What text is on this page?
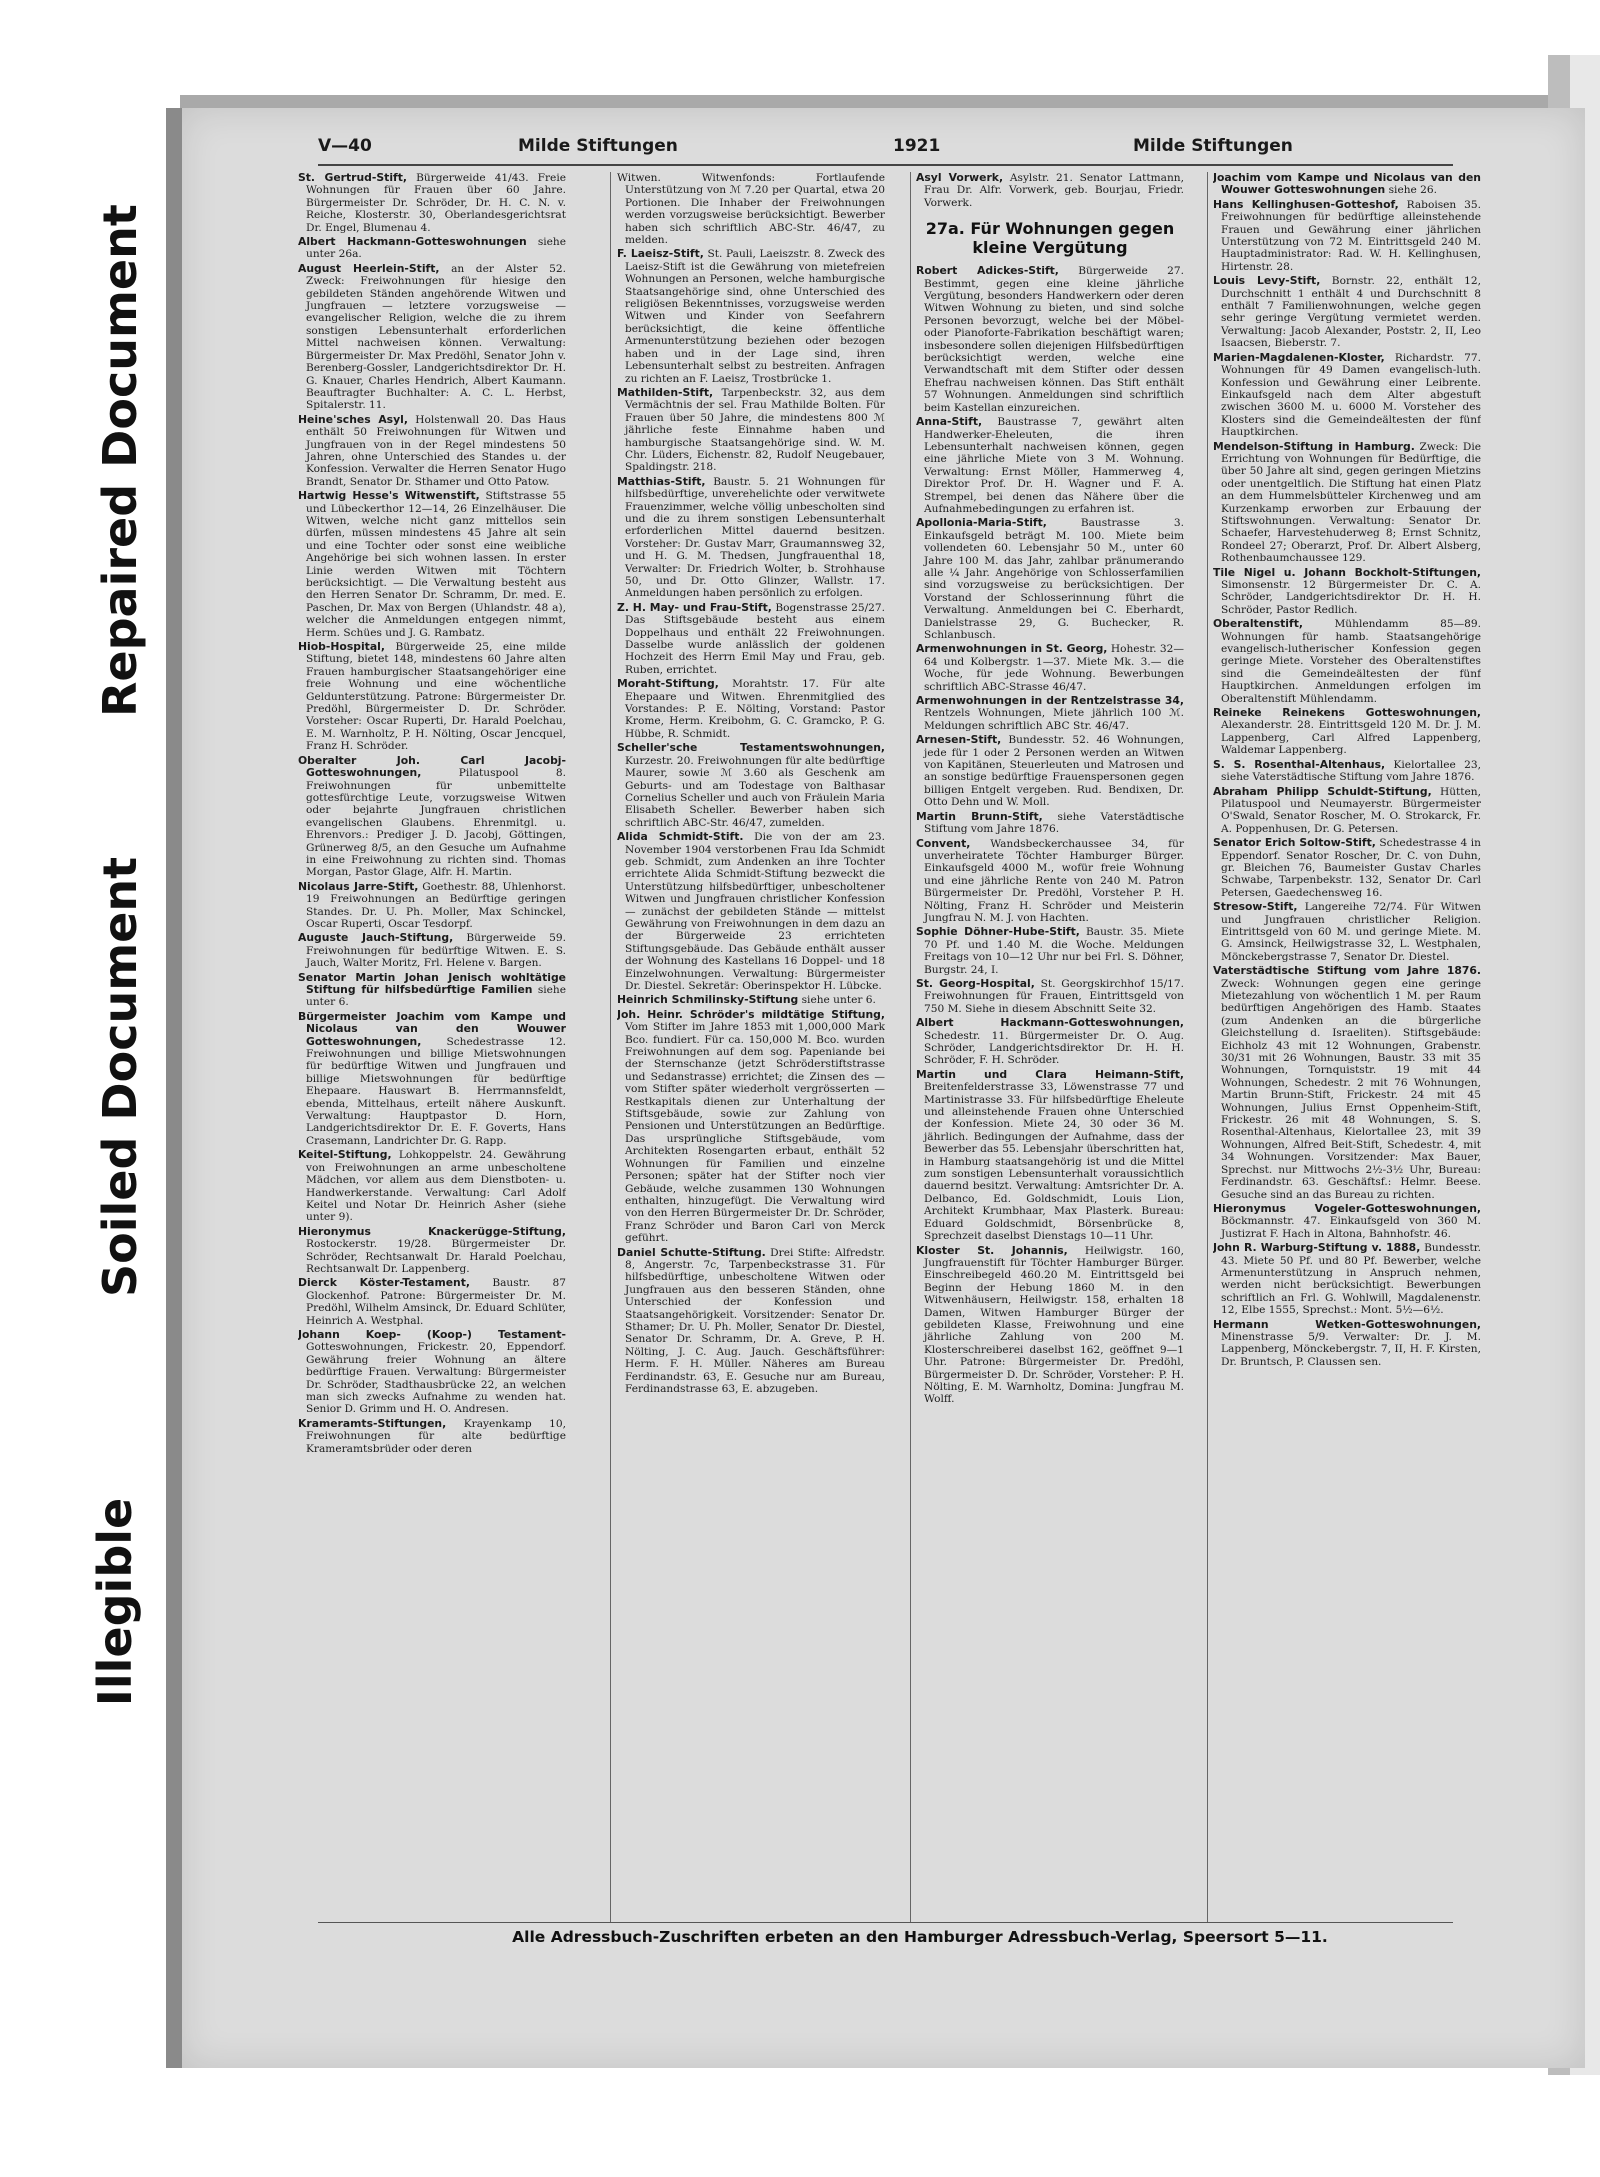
Repaired Document
Soiled Document
Illegible
V—40	Milde Stiftungen	1921	Milde Stiftungen
St. Gertrud-Stift, Bürgerweide 41/43. Freie Wohnungen für Frauen über 60 Jahre. Bürgermeister Dr. Schröder, Dr. H. C. N. v. Reiche, Klosterstr. 30, Oberlandesgerichtsrat Dr. Engel, Blumenau 4.
Albert Hackmann-Gotteswohnungen siehe unter 26a.
August Heerlein-Stift, an der Alster 52. Zweck: Freiwohnungen für hiesige den gebildeten Ständen angehörende Witwen und Jungfrauen — letztere vorzugsweise — evangelischer Religion, welche die zu ihrem sonstigen Lebensunterhalt erforderlichen Mittel nachweisen können. Verwaltung: Bürgermeister Dr. Max Predöhl, Senator John v. Berenberg-Gossler, Landgerichtsdirektor Dr. H. G. Knauer, Charles Hendrich, Albert Kaumann. Beauftragter Buchhalter: A. C. L. Herbst, Spitalerstr. 11.
Heine'sches Asyl, Holstenwall 20. Das Haus enthält 50 Freiwohnungen für Witwen und Jungfrauen von in der Regel mindestens 50 Jahren, ohne Unterschied des Standes u. der Konfession. Verwalter die Herren Senator Hugo Brandt, Senator Dr. Sthamer und Otto Patow.
Hartwig Hesse's Witwenstift, Stiftstrasse 55 und Lübeckerthor 12—14, 26 Einzelhäuser. Die Witwen, welche nicht ganz mittellos sein dürfen, müssen mindestens 45 Jahre alt sein und eine Tochter oder sonst eine weibliche Angehörige bei sich wohnen lassen. In erster Linie werden Witwen mit Töchtern berücksichtigt. — Die Verwaltung besteht aus den Herren Senator Dr. Schramm, Dr. med. E. Paschen, Dr. Max von Bergen (Uhlandstr. 48 a), welcher die Anmeldungen entgegen nimmt, Herm. Schües und J. G. Rambatz.
Hiob-Hospital, Bürgerweide 25, eine milde Stiftung, bietet 148, mindestens 60 Jahre alten Frauen hamburgischer Staatsangehöriger eine freie Wohnung und eine wöchentliche Geldunterstützung. Patrone: Bürgermeister Dr. Predöhl, Bürgermeister D. Dr. Schröder. Vorsteher: Oscar Ruperti, Dr. Harald Poelchau, E. M. Warnholtz, P. H. Nölting, Oscar Jencquel, Franz H. Schröder.
Oberalter Joh. Carl Jacobj-Gotteswohnungen,	Pilatuspool 8. Freiwohnungen für unbemittelte gottesfürchtige Leute, vorzugsweise Witwen oder bejahrte Jungfrauen christlichen evangelischen Glaubens. Ehrenmitgl. u. Ehrenvors.: Prediger J. D. Jacobj, Göttingen, Grünerweg 8/5, an den Gesuche um Aufnahme in eine Freiwohnung zu richten sind. Thomas Morgan, Pastor Glage, Alfr. H. Martin.
Nicolaus Jarre-Stift, Goethestr. 88, Uhlenhorst. 19 Freiwohnungen an Bedürftige geringen Standes. Dr. U. Ph. Moller, Max Schinckel, Oscar Ruperti, Oscar Tesdorpf.
Auguste Jauch-Stiftung, Bürgerweide 59. Freiwohnungen für bedürftige Witwen. E. S. Jauch, Walter Moritz, Frl. Helene v. Bargen.
Senator Martin Johan Jenisch wohltätige Stiftung für hilfsbedürftige Familien siehe unter 6.
Bürgermeister Joachim vom Kampe und Nicolaus van den Wouwer Gotteswohnungen, Schedestrasse 12. Freiwohnungen und billige Mietswohnungen für bedürftige Witwen und Jungfrauen und billige Mietswohnungen für bedürftige Ehepaare. Hauswart B. Herrmannsfeldt, ebenda, Mittelhaus, erteilt nähere Auskunft. Verwaltung: Hauptpastor D. Horn, Landgerichtsdirektor Dr. E. F. Goverts, Hans Crasemann, Landrichter Dr. G. Rapp.
Keitel-Stiftung, Lohkoppelstr. 24. Gewährung von Freiwohnungen an arme unbescholtene Mädchen, vor allem aus dem Dienstboten- u. Handwerkerstande. Verwaltung: Carl Adolf Keitel und Notar Dr. Heinrich Asher (siehe unter 9).
Hieronymus Knackerügge-Stiftung, Rostockerstr. 19/28. Bürgermeister Dr. Schröder, Rechtsanwalt Dr. Harald Poelchau, Rechtsanwalt Dr. Lappenberg.
Dierck Köster-Testament, Baustr. 87 Glockenhof. Patrone: Bürgermeister Dr. M. Predöhl, Wilhelm Amsinck, Dr. Eduard Schlüter, Heinrich A. Westphal.
Johann Koep- (Koop-) Testament- Gotteswohnungen, Frickestr. 20, Eppendorf. Gewährung freier Wohnung an ältere bedürftige Frauen. Verwaltung: Bürgermeister Dr. Schröder, Stadthausbrücke 22, an welchen man sich zwecks Aufnahme zu wenden hat. Senior D. Grimm und H. O. Andresen.
Krameramts-Stiftungen, Krayenkamp 10, Freiwohnungen für alte bedürftige Krameramtsbrüder oder deren
Witwen. Witwenfonds: Fortlaufende Unterstützung von ℳ 7.20 per Quartal, etwa 20 Portionen. Die Inhaber der Freiwohnungen werden vorzugsweise berücksichtigt. Bewerber haben sich schriftlich ABC-Str. 46/47, zu melden.
F. Laeisz-Stift, St. Pauli, Laeiszstr. 8. Zweck des Laeisz-Stift ist die Gewährung von mietefreien Wohnungen an Personen, welche hamburgische Staatsangehörige sind, ohne Unterschied des religiösen Bekenntnisses, vorzugsweise werden Witwen und Kinder von Seefahrern berücksichtigt, die keine öffentliche Armenunterstützung beziehen oder bezogen haben und in der Lage sind, ihren Lebensunterhalt selbst zu bestreiten. Anfragen zu richten an F. Laeisz, Trostbrücke 1.
Mathilden-Stift, Tarpenbeckstr. 32, aus dem Vermächtnis der sel. Frau Mathilde Bolten. Für Frauen über 50 Jahre, die mindestens 800 ℳ jährliche feste Einnahme haben und hamburgische Staatsangehörige sind. W. M. Chr. Lüders, Eichenstr. 82, Rudolf Neugebauer, Spaldingstr. 218.
Matthias-Stift, Baustr. 5. 21 Wohnungen für hilfsbedürftige, unverehelichte oder verwitwete Frauenzimmer, welche völlig unbescholten sind und die zu ihrem sonstigen Lebensunterhalt erforderlichen Mittel dauernd besitzen. Vorsteher: Dr. Gustav Marr, Graumannsweg 32, und H. G. M. Thedsen, Jungfrauenthal 18, Verwalter: Dr. Friedrich Wolter, b. Strohhause 50, und Dr. Otto Glinzer, Wallstr. 17. Anmeldungen haben persönlich zu erfolgen.
Z. H. May- und Frau-Stift, Bogenstrasse 25/27. Das Stiftsgebäude besteht aus einem Doppelhaus und enthält 22 Freiwohnungen. Dasselbe wurde anlässlich der goldenen Hochzeit des Herrn Emil May und Frau, geb. Ruben, errichtet.
Moraht-Stiftung, Morahtstr. 17. Für alte Ehepaare und Witwen. Ehrenmitglied des Vorstandes: P. E. Nölting, Vorstand: Pastor Krome, Herm. Kreibohm, G. C. Gramcko, P. G. Hübbe, R. Schmidt.
Scheller'sche Testamentswohnungen, Kurzestr. 20. Freiwohnungen für alte bedürftige Maurer, sowie ℳ 3.60 als Geschenk am Geburts- und am Todestage von Balthasar Cornelius Scheller und auch von Fräulein Maria Elisabeth Scheller. Bewerber haben sich schriftlich ABC-Str. 46/47, zumelden.
Alida Schmidt-Stift. Die von der am 23. November 1904 verstorbenen Frau Ida Schmidt geb. Schmidt, zum Andenken an ihre Tochter errichtete Alida Schmidt-Stiftung bezweckt die Unterstützung hilfsbedürftiger, unbescholtener Witwen und Jungfrauen christlicher Konfession — zunächst der gebildeten Stände — mittelst Gewährung von Freiwohnungen in dem dazu an der Bürgerweide 23 errichteten Stiftungsgebäude. Das Gebäude enthält ausser der Wohnung des Kastellans 16 Doppel- und 18 Einzelwohnungen. Verwaltung: Bürgermeister Dr. Diestel. Sekretär: Oberinspektor H. Lübcke.
Heinrich Schmilinsky-Stiftung siehe unter 6.
Joh. Heinr. Schröder's mildtätige Stiftung, Vom Stifter im Jahre 1853 mit 1,000,000 Mark Bco. fundiert. Für ca. 150,000 M. Bco. wurden Freiwohnungen auf dem sog. Papeniande bei der Sternschanze (jetzt Schröderstiftstrasse und Sedanstrasse) errichtet; die Zinsen des — vom Stifter später wiederholt vergrösserten — Restkapitals dienen zur Unterhaltung der Stiftsgebäude, sowie zur Zahlung von Pensionen und Unterstützungen an Bedürftige. Das ursprüngliche Stiftsgebäude, vom Architekten Rosengarten erbaut, enthält 52 Wohnungen für Familien und einzelne Personen; später hat der Stifter noch vier Gebäude, welche zusammen 130 Wohnungen enthalten, hinzugefügt. Die Verwaltung wird von den Herren Bürgermeister Dr. Dr. Schröder, Franz Schröder und Baron Carl von Merck geführt.
Daniel Schutte-Stiftung. Drei Stifte: Alfredstr. 8, Angerstr. 7c, Tarpenbeckstrasse 31. Für hilfsbedürftige, unbescholtene Witwen oder Jungfrauen aus den besseren Ständen, ohne Unterschied der Konfession und Staatsangehörigkeit. Vorsitzender: Senator Dr. Sthamer; Dr. U. Ph. Moller, Senator Dr. Diestel, Senator Dr. Schramm, Dr. A. Greve, P. H. Nölting, J. C. Aug. Jauch. Geschäftsführer: Herm. F. H. Müller. Näheres am Bureau Ferdinandstr. 63, E. Gesuche nur am Bureau, Ferdinandstrasse 63, E. abzugeben.
Asyl Vorwerk, Asylstr. 21. Senator Lattmann, Frau Dr. Alfr. Vorwerk, geb. Bourjau, Friedr. Vorwerk.
27a. Für Wohnungen gegen kleine Vergütung
Robert Adickes-Stift, Bürgerweide 27. Bestimmt, gegen eine kleine jährliche Vergütung, besonders Handwerkern oder deren Witwen Wohnung zu bieten, und sind solche Personen bevorzugt, welche bei der Möbel- oder Pianoforte-Fabrikation beschäftigt waren; insbesondere sollen diejenigen Hilfsbedürftigen berücksichtigt werden, welche eine Verwandtschaft mit dem Stifter oder dessen Ehefrau nachweisen können. Das Stift enthält 57 Wohnungen. Anmeldungen sind schriftlich beim Kastellan einzureichen.
Anna-Stift, Baustrasse 7, gewährt alten Handwerker-Eheleuten, die ihren Lebensunterhalt nachweisen können, gegen eine jährliche Miete von 3 M. Wohnung. Verwaltung: Ernst Möller, Hammerweg 4, Direktor Prof. Dr. H. Wagner und F. A. Strempel, bei denen das Nähere über die Aufnahmebedingungen zu erfahren ist.
Apollonia-Maria-Stift,	Baustrasse 3. Einkaufsgeld beträgt M. 100. Miete beim vollendeten 60. Lebensjahr 50 M., unter 60 Jahre 100 M. das Jahr, zahlbar pränumerando alle ¼ Jahr. Angehörige von Schlosserfamilien sind vorzugsweise zu berücksichtigen. Der Vorstand der Schlosserinnung führt die Verwaltung. Anmeldungen bei C. Eberhardt, Danielstrasse 29, G. Buchecker, R. Schlanbusch.
Armenwohnungen in St. Georg, Hohestr. 32—64 und Kolbergstr. 1—37. Miete Mk. 3.— die Woche, für jede Wohnung. Bewerbungen schriftlich ABC-Strasse 46/47.
Armenwohnungen in der Rentzelstrasse 34, Rentzels Wohnungen, Miete jährlich 100 ℳ. Meldungen schriftlich ABC Str. 46/47.
Arnesen-Stift, Bundesstr. 52. 46 Wohnungen, jede für 1 oder 2 Personen werden an Witwen von Kapitänen, Steuerleuten und Matrosen und an sonstige bedürftige Frauenspersonen gegen billigen Entgelt vergeben. Rud. Bendixen, Dr. Otto Dehn und W. Moll.
Martin Brunn-Stift, siehe Vaterstädtische Stiftung vom Jahre 1876.
Convent, Wandsbeckerchaussee 34, für unverheiratete Töchter Hamburger Bürger. Einkaufsgeld 4000 M., wofür freie Wohnung und eine jährliche Rente von 240 M. Patron Bürgermeister Dr. Predöhl, Vorsteher P. H. Nölting, Franz H. Schröder und Meisterin Jungfrau N. M. J. von Hachten.
Sophie Döhner-Hube-Stift, Baustr. 35. Miete 70 Pf. und 1.40 M. die Woche. Meldungen Freitags von 10—12 Uhr nur bei Frl. S. Döhner, Burgstr. 24, I.
St. Georg-Hospital, St. Georgskirchhof 15/17. Freiwohnungen für Frauen, Eintrittsgeld von 750 M. Siehe in diesem Abschnitt Seite 32.
Albert Hackmann-Gotteswohnungen, Schedestr. 11. Bürgermeister Dr. O. Aug. Schröder, Landgerichtsdirektor Dr. H. H. Schröder, F. H. Schröder.
Martin und Clara Heimann-Stift, Breitenfelderstrasse 33, Löwenstrasse 77 und Martinistrasse 33. Für hilfsbedürftige Eheleute und alleinstehende Frauen ohne Unterschied der Konfession. Miete 24, 30 oder 36 M. jährlich. Bedingungen der Aufnahme, dass der Bewerber das 55. Lebensjahr überschritten hat, in Hamburg staatsangehörig ist und die Mittel zum sonstigen Lebensunterhalt voraussichtlich dauernd besitzt. Verwaltung: Amtsrichter Dr. A. Delbanco, Ed. Goldschmidt, Louis Lion, Architekt Krumbhaar, Max Plasterk. Bureau: Eduard Goldschmidt, Börsenbrücke 8, Sprechzeit daselbst Dienstags 10—11 Uhr.
Kloster St. Johannis, Heilwigstr. 160, Jungfrauenstift für Töchter Hamburger Bürger. Einschreibegeld 460.20 M. Eintrittsgeld bei Beginn der Hebung 1860 M. in den Witwenhäusern, Heilwigstr. 158, erhalten 18 Damen, Witwen Hamburger Bürger der gebildeten Klasse, Freiwohnung und eine jährliche Zahlung von 200 M. Klosterschreiberei daselbst 162, geöffnet 9—1 Uhr. Patrone: Bürgermeister Dr. Predöhl, Bürgermeister D. Dr. Schröder, Vorsteher: P. H. Nölting, E. M. Warnholtz, Domina: Jungfrau M. Wolff.
Joachim vom Kampe und Nicolaus van den Wouwer Gotteswohnungen siehe 26.
Hans Kellinghusen-Gotteshof, Raboisen 35. Freiwohnungen für bedürftige alleinstehende Frauen und Gewährung einer jährlichen Unterstützung von 72 M. Eintrittsgeld 240 M. Hauptadministrator: Rad. W. H. Kellinghusen, Hirtenstr. 28.
Louis Levy-Stift, Bornstr. 22, enthält 12, Durchschnitt 1 enthält 4 und Durchschnitt 8 enthält 7 Familienwohnungen, welche gegen sehr geringe Vergütung vermietet werden. Verwaltung: Jacob Alexander, Poststr. 2, II, Leo Isaacsen, Bieberstr. 7.
Marien-Magdalenen-Kloster, Richardstr. 77. Wohnungen für 49 Damen evangelisch-luth. Konfession und Gewährung einer Leibrente. Einkaufsgeld nach dem Alter abgestuft zwischen 3600 M. u. 6000 M. Vorsteher des Klosters sind die Gemeindeältesten der fünf Hauptkirchen.
Mendelson-Stiftung in Hamburg. Zweck: Die Errichtung von Wohnungen für Bedürftige, die über 50 Jahre alt sind, gegen geringen Mietzins oder unentgeltlich. Die Stiftung hat einen Platz an dem Hummelsbütteler Kirchenweg und am Kurzenkamp erworben zur Erbauung der Stiftswohnungen. Verwaltung: Senator Dr. Schaefer, Harvestehuderweg 8; Ernst Schnitz, Rondeel 27; Oberarzt, Prof. Dr. Albert Alsberg, Rothenbaumchaussee 129.
Tile Nigel u. Johann Bockholt-Stiftungen, Simonsenstr. 12 Bürgermeister Dr. C. A. Schröder, Landgerichtsdirektor Dr. H. H. Schröder, Pastor Redlich.
Oberaltenstift,	Mühlendamm 85—89. Wohnungen für hamb. Staatsangehörige evangelisch-lutherischer Konfession gegen geringe Miete. Vorsteher des Oberaltenstiftes sind die Gemeindeältesten der fünf Hauptkirchen. Anmeldungen erfolgen im Oberaltenstift Mühlendamm.
Reineke Reinekens Gotteswohnungen, Alexanderstr. 28. Eintrittsgeld 120 M. Dr. J. M. Lappenberg, Carl Alfred Lappenberg, Waldemar Lappenberg.
S. S. Rosenthal-Altenhaus, Kielortallee 23, siehe Vaterstädtische Stiftung vom Jahre 1876.
Abraham Philipp Schuldt-Stiftung, Hütten, Pilatuspool und Neumayerstr. Bürgermeister O'Swald, Senator Roscher, M. O. Strokarck, Fr. A. Poppenhusen, Dr. G. Petersen.
Senator Erich Soltow-Stift, Schedestrasse 4 in Eppendorf. Senator Roscher, Dr. C. von Duhn, gr. Bleichen 76, Baumeister Gustav Charles Schwabe, Tarpenbekstr. 132, Senator Dr. Carl Petersen, Gaedechensweg 16.
Stresow-Stift, Langereihe 72/74. Für Witwen und Jungfrauen christlicher Religion. Eintrittsgeld von 60 M. und geringe Miete. M. G. Amsinck, Heilwigstrasse 32, L. Westphalen, Mönckebergstrasse 7, Senator Dr. Diestel.
Vaterstädtische Stiftung vom Jahre 1876. Zweck: Wohnungen gegen eine geringe Mietezahlung von wöchentlich 1 M. per Raum bedürftigen Angehörigen des Hamb. Staates (zum Andenken an die bürgerliche Gleichstellung d. Israeliten). Stiftsgebäude: Eichholz 43 mit 12 Wohnungen, Grabenstr. 30/31 mit 26 Wohnungen, Baustr. 33 mit 35 Wohnungen, Tornquiststr. 19 mit 44 Wohnungen, Schedestr. 2 mit 76 Wohnungen, Martin Brunn-Stift, Frickestr. 24 mit 45 Wohnungen, Julius Ernst Oppenheim-Stift, Frickestr. 26 mit 48 Wohnungen, S. S. Rosenthal-Altenhaus, Kielortallee 23, mit 39 Wohnungen, Alfred Beit-Stift, Schedestr. 4, mit 34 Wohnungen. Vorsitzender: Max Bauer, Sprechst. nur Mittwochs 2½-3½ Uhr, Bureau: Ferdinandstr. 63. Geschäftsf.: Helmr. Beese. Gesuche sind an das Bureau zu richten.
Hieronymus Vogeler-Gotteswohnungen, Böckmannstr. 47. Einkaufsgeld von 360 M. Justizrat F. Hach in Altona, Bahnhofstr. 46.
John R. Warburg-Stiftung v. 1888, Bundesstr. 43. Miete 50 Pf. und 80 Pf. Bewerber, welche Armenunterstützung in Anspruch nehmen, werden nicht berücksichtigt. Bewerbungen schriftlich an Frl. G. Wohlwill, Magdalenenstr. 12, Elbe 1555, Sprechst.: Mont. 5½—6½.
Hermann Wetken-Gotteswohnungen, Minenstrasse 5/9. Verwalter: Dr. J. M. Lappenberg, Mönckebergstr. 7, II, H. F. Kirsten, Dr. Bruntsch, P. Claussen sen.
Alle Adressbuch-Zuschriften erbeten an den Hamburger Adressbuch-Verlag, Speersort 5—11.
